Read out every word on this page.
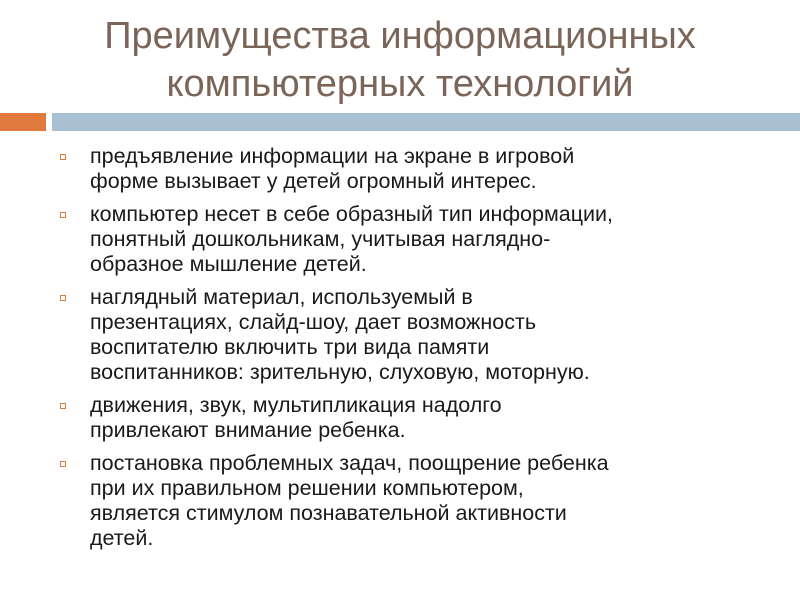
Преимущества информационных
компьютерных технологий
предъявление информации на экране в игровой
форме вызывает у детей огромный интерес.
компьютер несет в себе образный тип информации,
понятный дошкольникам, учитывая наглядно-
образное мышление детей.
наглядный материал, используемый в
презентациях, слайд-шоу, дает возможность
воспитателю включить три вида памяти
воспитанников: зрительную, слуховую, моторную.
движения, звук, мультипликация надолго
привлекают внимание ребенка.
постановка проблемных задач, поощрение ребенка
при их правильном решении компьютером,
является стимулом познавательной активности
детей.
